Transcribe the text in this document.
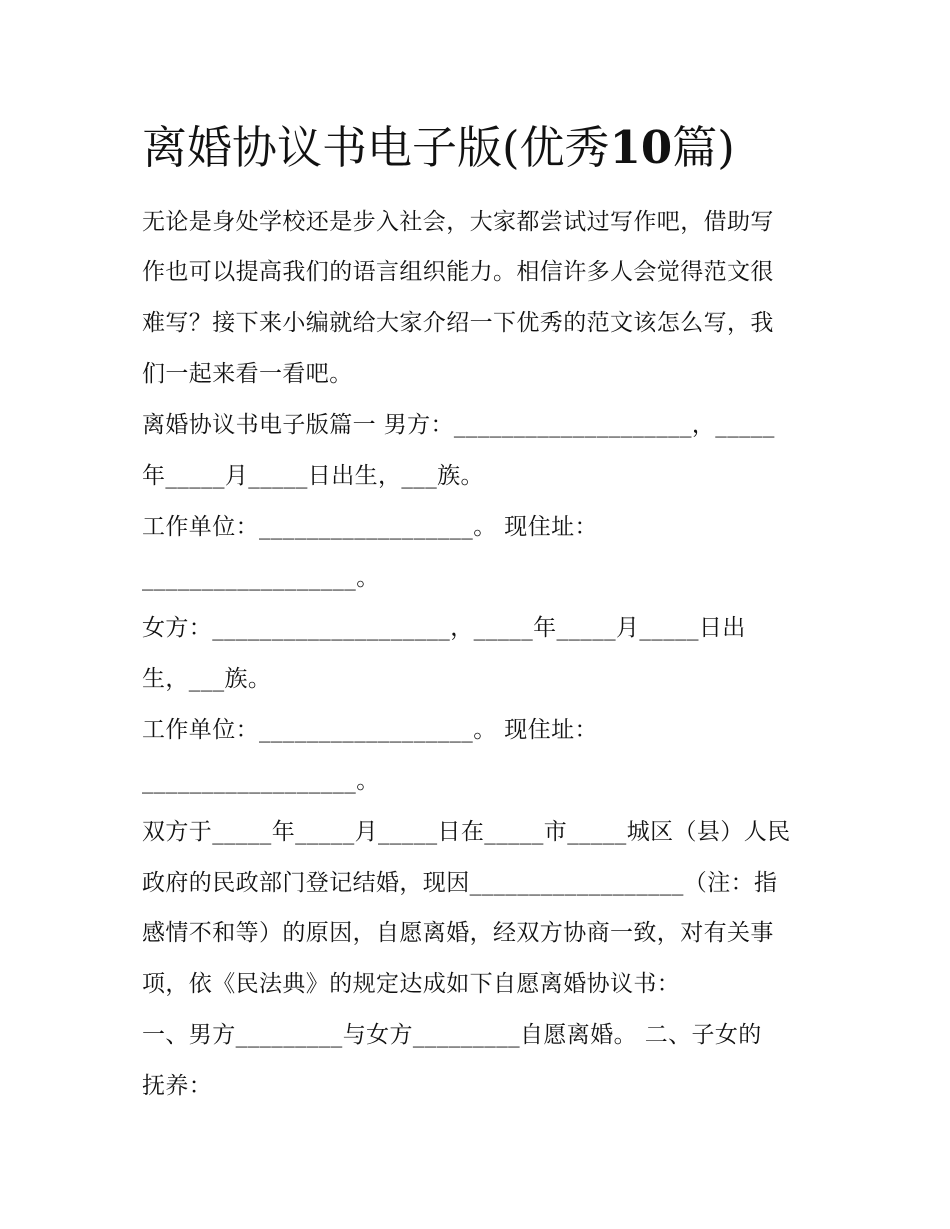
离婚协议书电子版(优秀10篇)
无论是身处学校还是步入社会，大家都尝试过写作吧，借助写
作也可以提高我们的语言组织能力。相信许多人会觉得范文很
难写？接下来小编就给大家介绍一下优秀的范文该怎么写，我
们一起来看一看吧。
离婚协议书电子版篇一 男方：____________________，_____
年_____月_____日出生，___族。
工作单位：__________________。 现住址：
__________________。
女方：____________________，_____年_____月_____日出
生，___族。
工作单位：__________________。 现住址：
__________________。
双方于_____年_____月_____日在_____市_____城区（县）人民
政府的民政部门登记结婚，现因__________________（注：指
感情不和等）的原因，自愿离婚，经双方协商一致，对有关事
项，依《民法典》的规定达成如下自愿离婚协议书：
一、男方_________与女方_________自愿离婚。 二、子女的
抚养：
